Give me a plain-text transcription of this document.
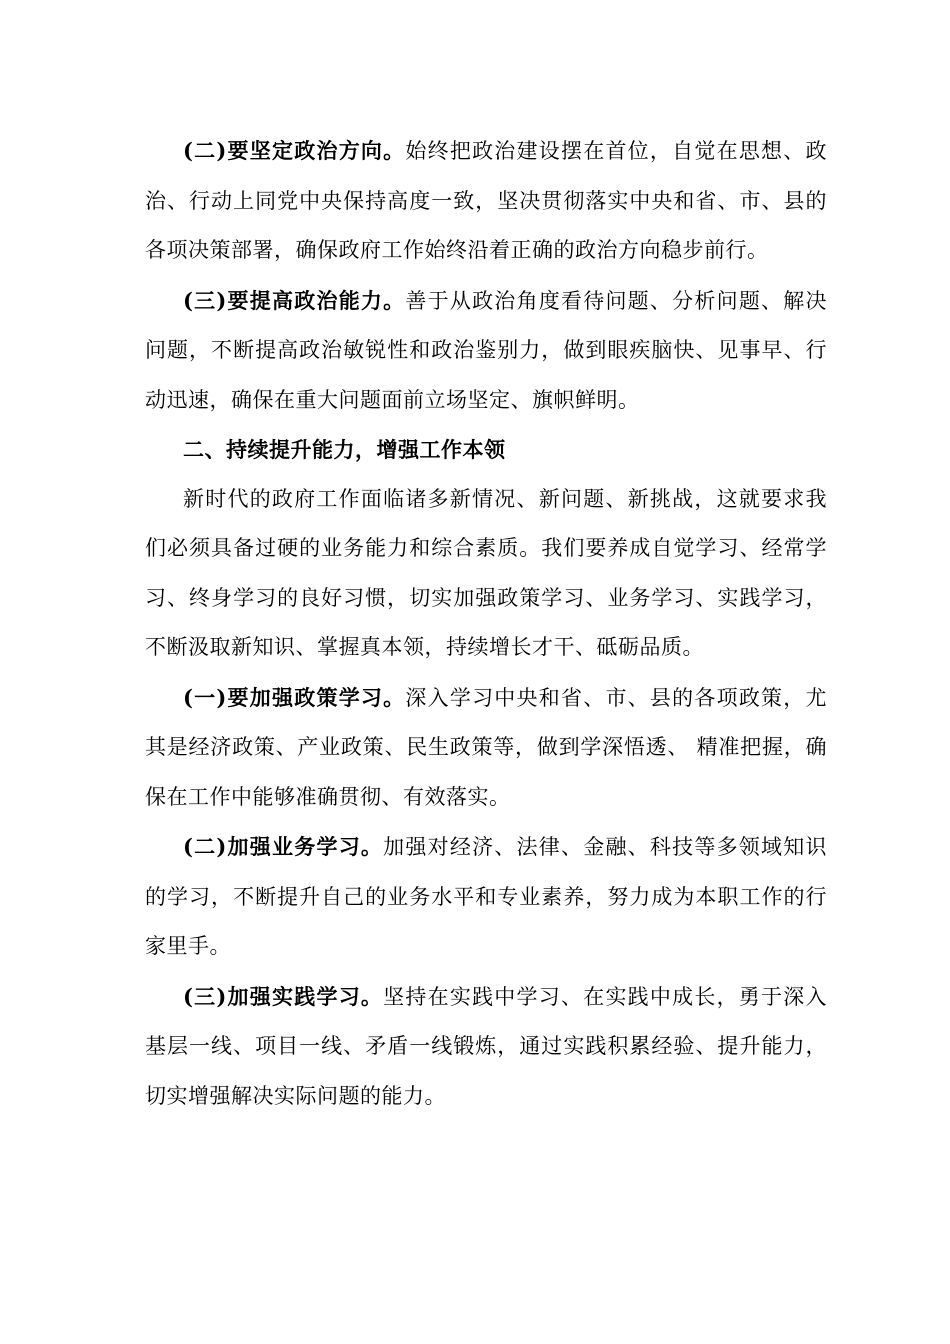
(二)要坚定政治方向。始终把政治建设摆在首位，自觉在思想、政治、行动上同党中央保持高度一致，坚决贯彻落实中央和省、市、县的各项决策部署，确保政府工作始终沿着正确的政治方向稳步前行。

(三)要提高政治能力。善于从政治角度看待问题、分析问题、解决问题，不断提高政治敏锐性和政治鉴别力，做到眼疾脑快、见事早、行动迅速，确保在重大问题面前立场坚定、旗帜鲜明。

二、持续提升能力，增强工作本领

新时代的政府工作面临诸多新情况、新问题、新挑战，这就要求我们必须具备过硬的业务能力和综合素质。我们要养成自觉学习、经常学习、终身学习的良好习惯，切实加强政策学习、业务学习、实践学习，不断汲取新知识、掌握真本领，持续增长才干、砥砺品质。

(一)要加强政策学习。深入学习中央和省、市、县的各项政策，尤其是经济政策、产业政策、民生政策等，做到学深悟透、 精准把握，确保在工作中能够准确贯彻、有效落实。

(二)加强业务学习。加强对经济、法律、金融、科技等多领域知识的学习，不断提升自己的业务水平和专业素养，努力成为本职工作的行家里手。

(三)加强实践学习。坚持在实践中学习、在实践中成长，勇于深入基层一线、项目一线、矛盾一线锻炼，通过实践积累经验、提升能力，切实增强解决实际问题的能力。
